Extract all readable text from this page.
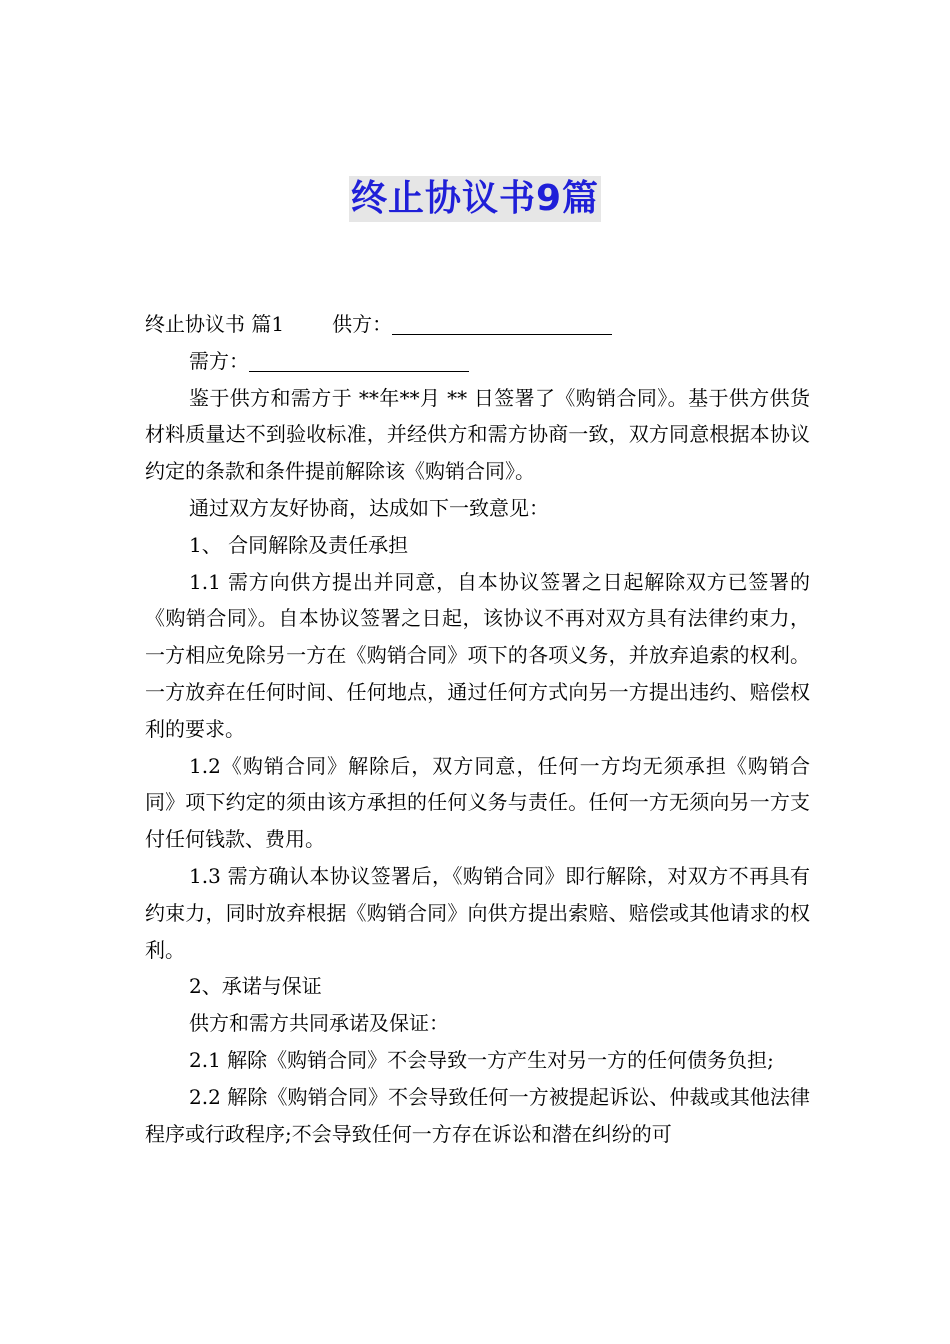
终止协议书9篇

终止协议书 篇1 供方：

需方：

鉴于供方和需方于 **年**月 ** 日签署了《购销合同》。基于供方供货材料质量达不到验收标准，并经供方和需方协商一致，双方同意根据本协议约定的条款和条件提前解除该《购销合同》。

通过双方友好协商，达成如下一致意见：

1、 合同解除及责任承担

1.1 需方向供方提出并同意，自本协议签署之日起解除双方已签署的《购销合同》。自本协议签署之日起，该协议不再对双方具有法律约束力，一方相应免除另一方在《购销合同》项下的各项义务，并放弃追索的权利。一方放弃在任何时间、任何地点，通过任何方式向另一方提出违约、赔偿权利的要求。

1.2《购销合同》解除后，双方同意，任何一方均无须承担《购销合同》项下约定的须由该方承担的任何义务与责任。任何一方无须向另一方支付任何钱款、费用。

1.3 需方确认本协议签署后，《购销合同》即行解除，对双方不再具有约束力，同时放弃根据《购销合同》向供方提出索赔、赔偿或其他请求的权利。

2、承诺与保证

供方和需方共同承诺及保证：

2.1 解除《购销合同》不会导致一方产生对另一方的任何债务负担;

2.2 解除《购销合同》不会导致任何一方被提起诉讼、仲裁或其他法律程序或行政程序;不会导致任何一方存在诉讼和潜在纠纷的可
